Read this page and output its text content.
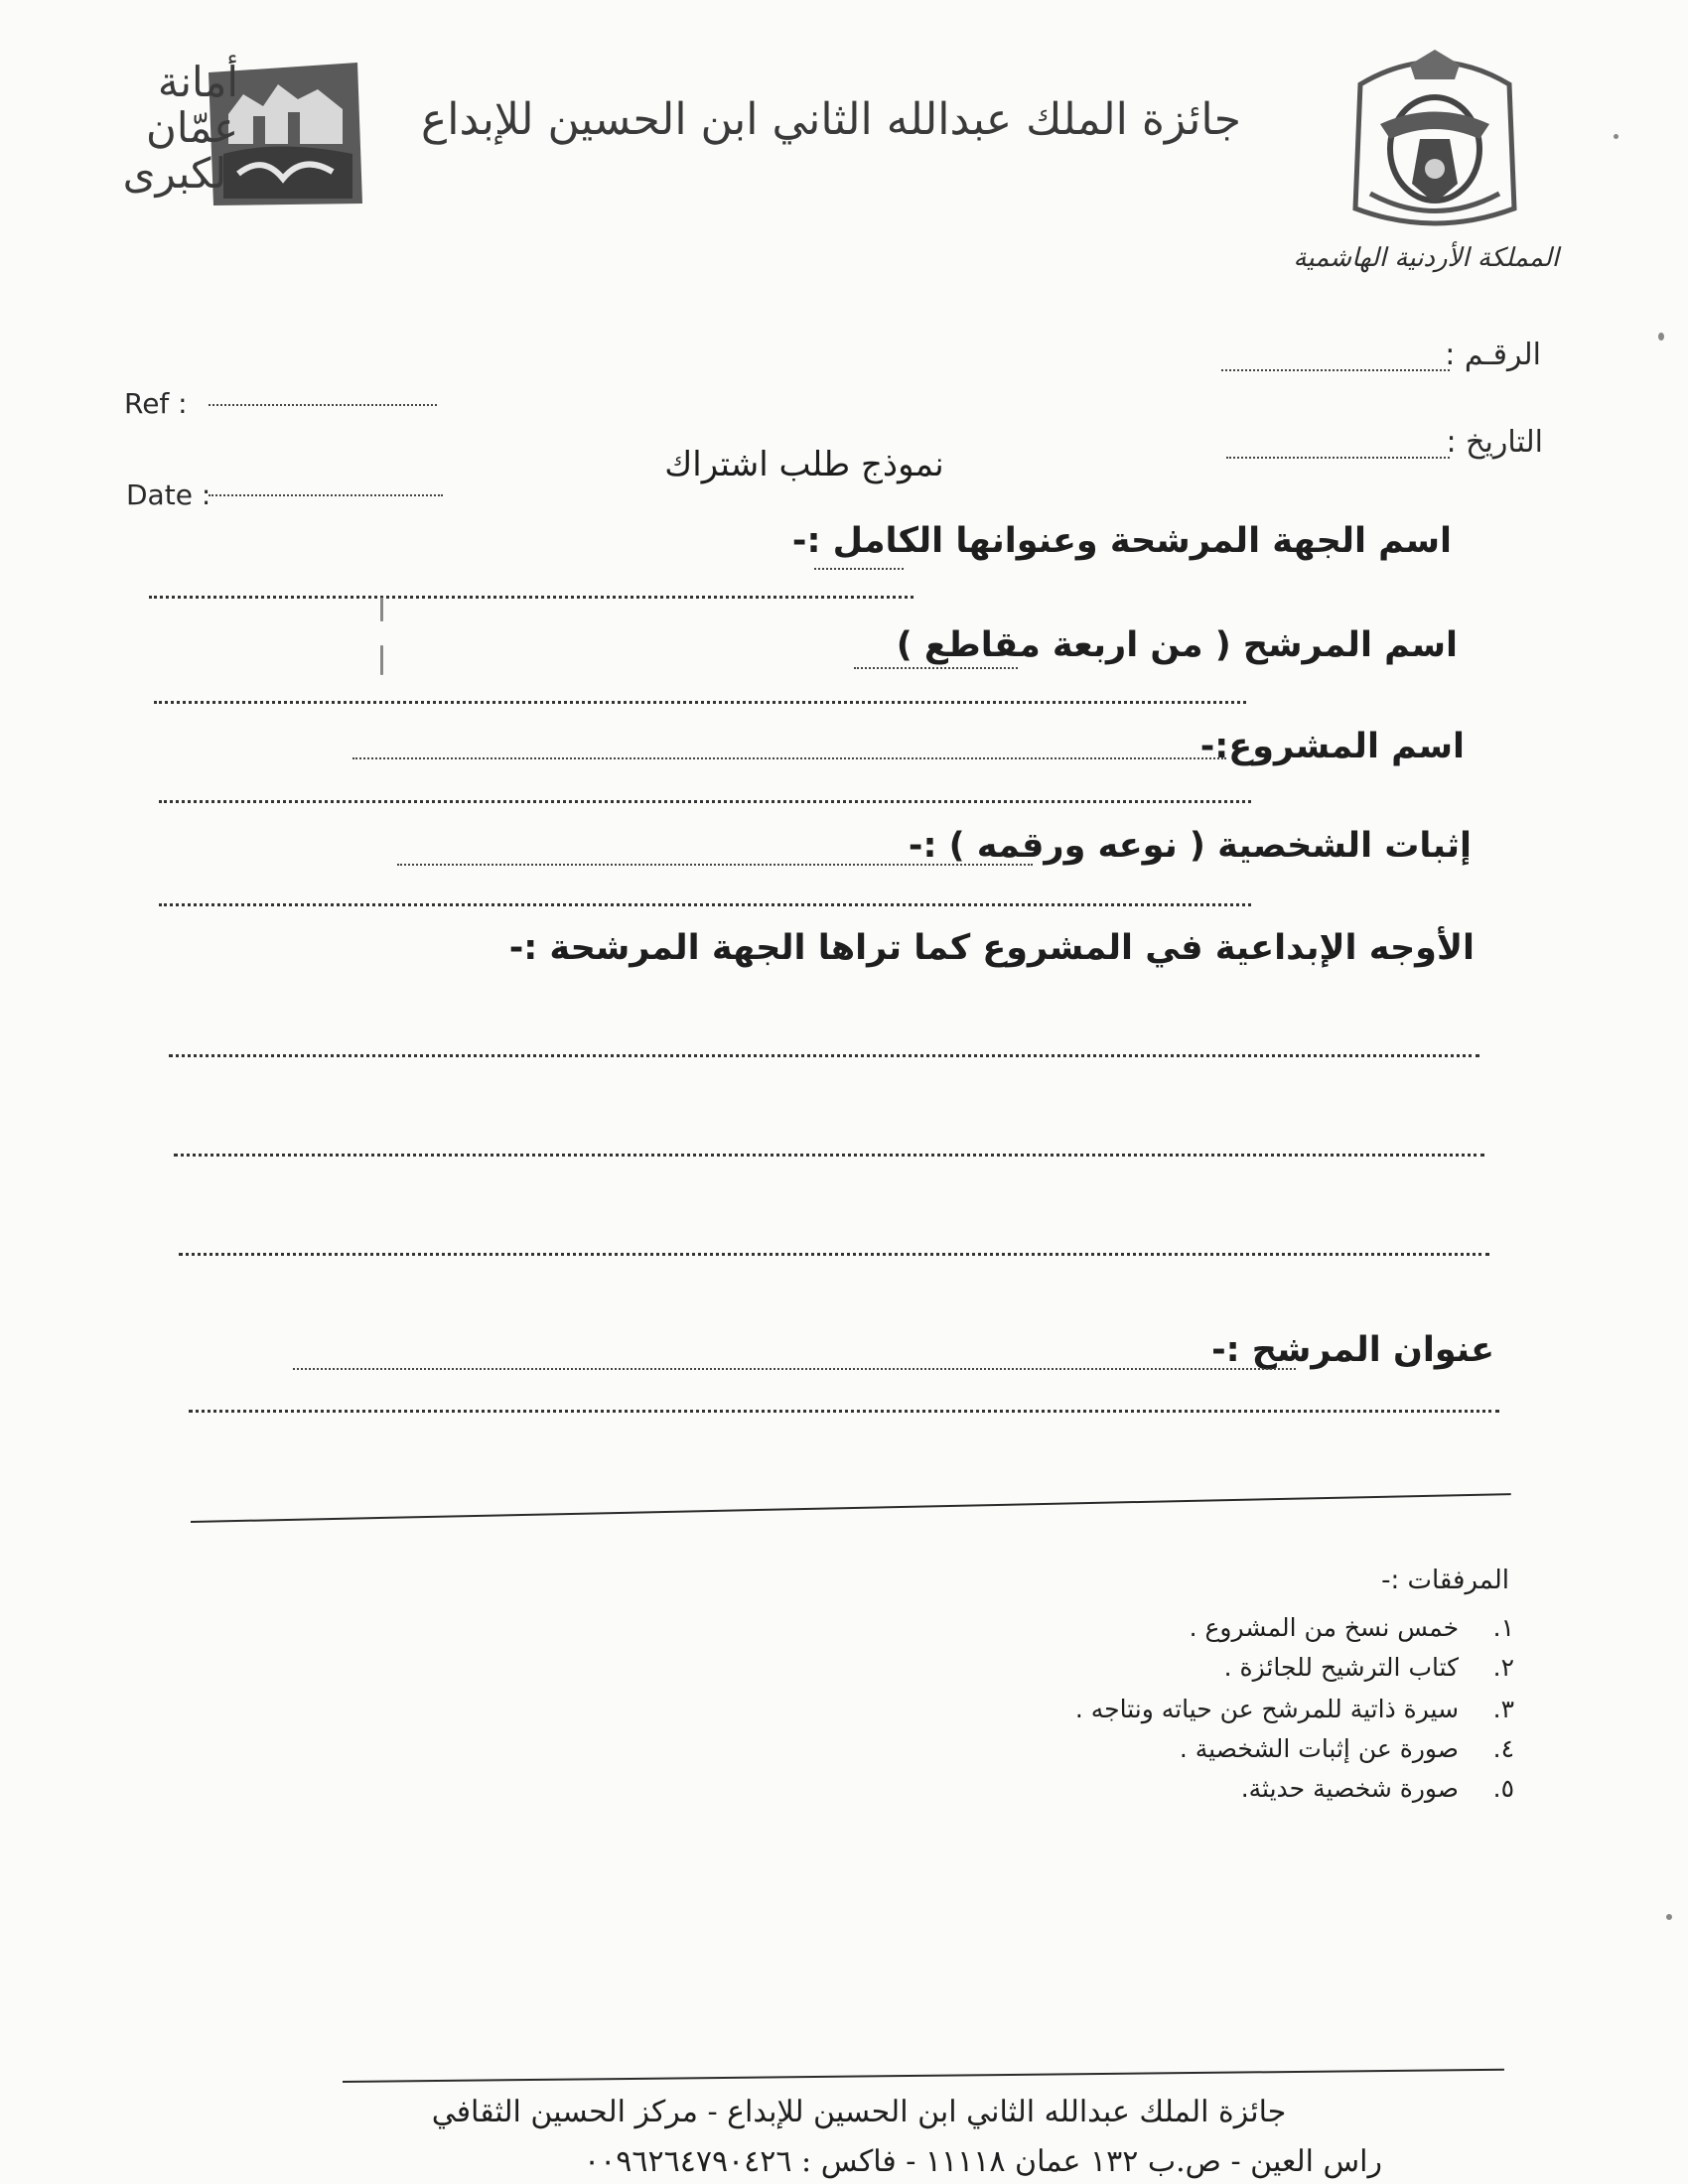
جائزة الملك عبدالله الثاني ابن الحسين للإبداع
أمانة
عمّان
الكبرى
المملكة الأردنية الهاشمية
Ref :
Date :
الرقـم :
التاريخ :
نموذج طلب اشتراك
اسم الجهة المرشحة وعنوانها الكامل :-
اسم المرشح ( من اربعة مقاطع )
اسم المشروع:-
إثبات الشخصية ( نوعه ورقمه ) :-
الأوجه الإبداعية في المشروع كما تراها الجهة المرشحة :-
عنوان المرشح :-
المرفقات :-
١. خمس نسخ من المشروع .
٢. كتاب الترشيح للجائزة .
٣. سيرة ذاتية للمرشح عن حياته ونتاجه .
٤. صورة عن إثبات الشخصية .
٥. صورة شخصية حديثة.
جائزة الملك عبدالله الثاني ابن الحسين للإبداع - مركز الحسين الثقافي
راس العين - ص.ب ١٣٢ عمان ١١١١٨ - فاكس : ٠٠٩٦٢٦٤٧٩٠٤٢٦
